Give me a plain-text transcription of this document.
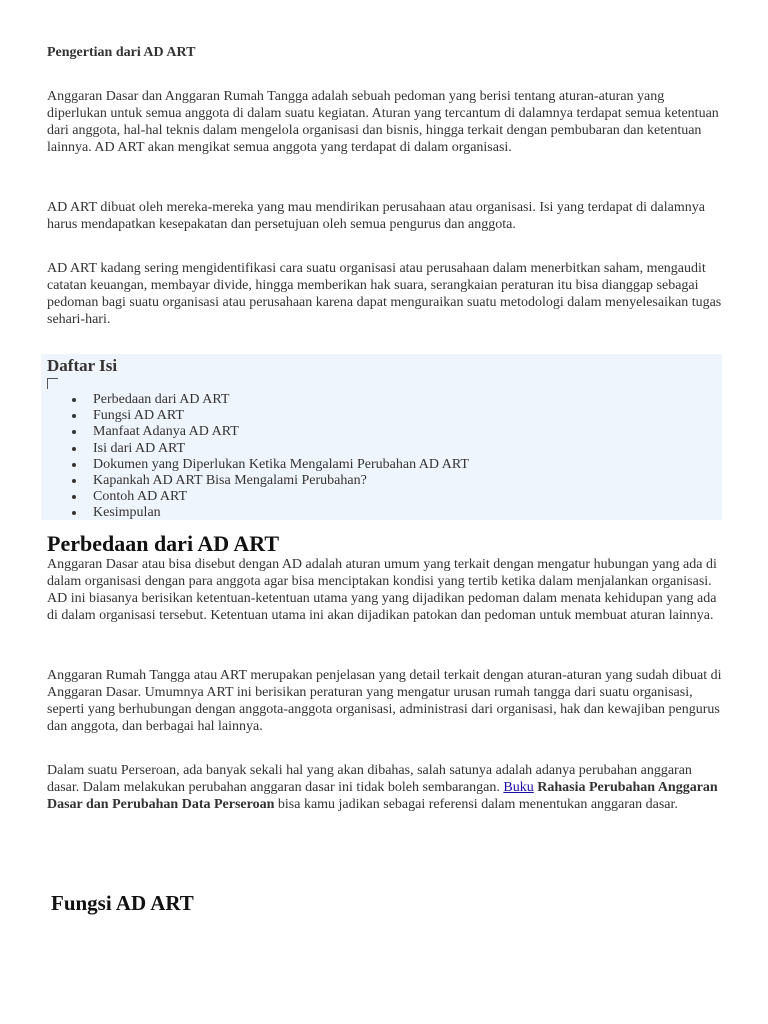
Pengertian dari AD ART

Anggaran Dasar dan Anggaran Rumah Tangga adalah sebuah pedoman yang berisi tentang aturan-aturan yang diperlukan untuk semua anggota di dalam suatu kegiatan. Aturan yang tercantum di dalamnya terdapat semua ketentuan dari anggota, hal-hal teknis dalam mengelola organisasi dan bisnis, hingga terkait dengan pembubaran dan ketentuan lainnya. AD ART akan mengikat semua anggota yang terdapat di dalam organisasi.

AD ART dibuat oleh mereka-mereka yang mau mendirikan perusahaan atau organisasi. Isi yang terdapat di dalamnya harus mendapatkan kesepakatan dan persetujuan oleh semua pengurus dan anggota.

AD ART kadang sering mengidentifikasi cara suatu organisasi atau perusahaan dalam menerbitkan saham, mengaudit catatan keuangan, membayar divide, hingga memberikan hak suara, serangkaian peraturan itu bisa dianggap sebagai pedoman bagi suatu organisasi atau perusahaan karena dapat menguraikan suatu metodologi dalam menyelesaikan tugas sehari-hari.

Daftar Isi
Perbedaan dari AD ART
Fungsi AD ART
Manfaat Adanya AD ART
Isi dari AD ART
Dokumen yang Diperlukan Ketika Mengalami Perubahan AD ART
Kapankah AD ART Bisa Mengalami Perubahan?
Contoh AD ART
Kesimpulan
Perbedaan dari AD ART

Anggaran Dasar atau bisa disebut dengan AD adalah aturan umum yang terkait dengan mengatur hubungan yang ada di dalam organisasi dengan para anggota agar bisa menciptakan kondisi yang tertib ketika dalam menjalankan organisasi. AD ini biasanya berisikan ketentuan-ketentuan utama yang yang dijadikan pedoman dalam menata kehidupan yang ada di dalam organisasi tersebut. Ketentuan utama ini akan dijadikan patokan dan pedoman untuk membuat aturan lainnya.

Anggaran Rumah Tangga atau ART merupakan penjelasan yang detail terkait dengan aturan-aturan yang sudah dibuat di Anggaran Dasar. Umumnya ART ini berisikan peraturan yang mengatur urusan rumah tangga dari suatu organisasi, seperti yang berhubungan dengan anggota-anggota organisasi, administrasi dari organisasi, hak dan kewajiban pengurus dan anggota, dan berbagai hal lainnya.

Dalam suatu Perseroan, ada banyak sekali hal yang akan dibahas, salah satunya adalah adanya perubahan anggaran dasar. Dalam melakukan perubahan anggaran dasar ini tidak boleh sembarangan. Buku Rahasia Perubahan Anggaran Dasar dan Perubahan Data Perseroan bisa kamu jadikan sebagai referensi dalam menentukan anggaran dasar.

Fungsi AD ART
